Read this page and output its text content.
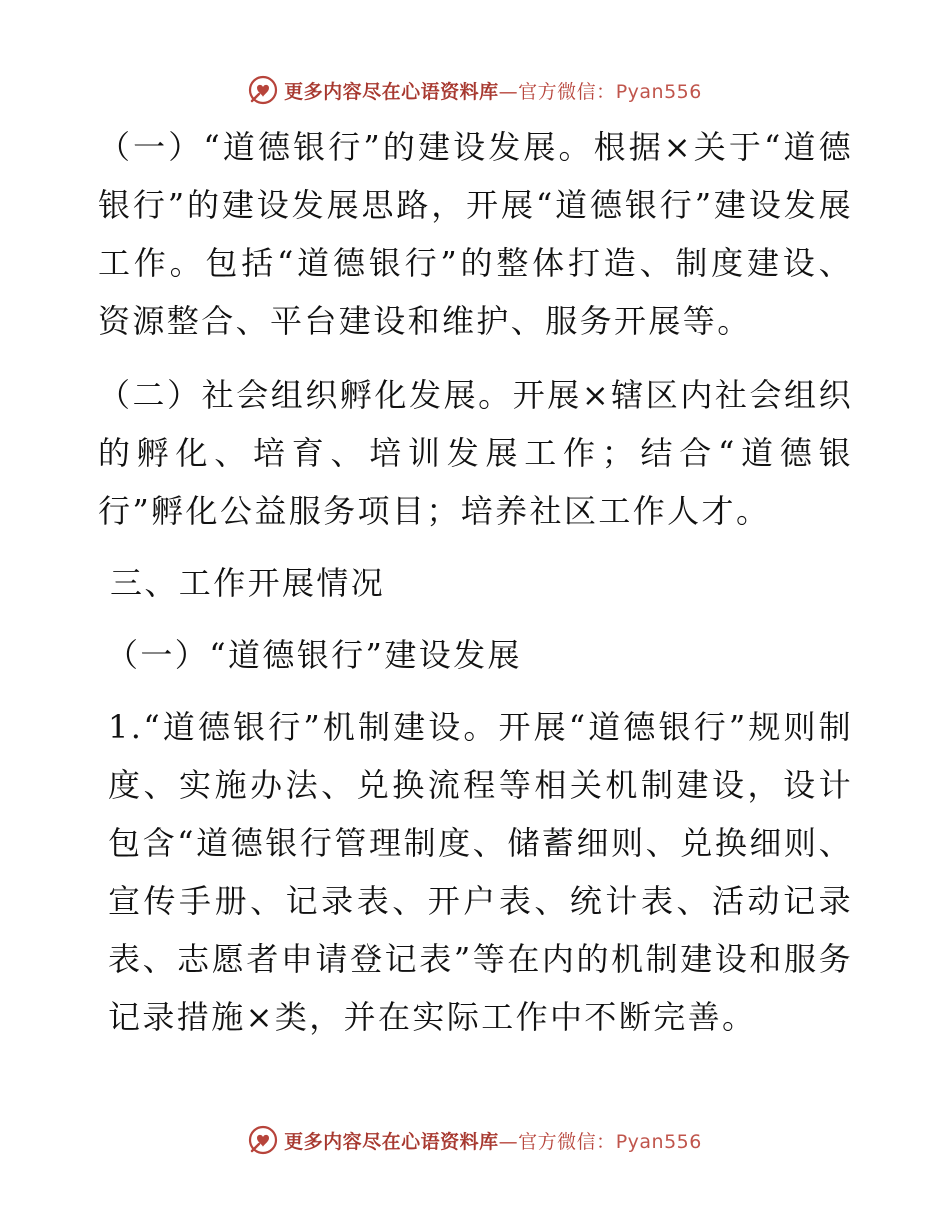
更多内容尽在心语资料库—官方微信：Pyan556

（一）“道德银行”的建设发展。根据×关于“道德银行”的建设发展思路，开展“道德银行”建设发展工作。包括“道德银行”的整体打造、制度建设、资源整合、平台建设和维护、服务开展等。

（二）社会组织孵化发展。开展×辖区内社会组织的孵化、培育、培训发展工作；结合“道德银行”孵化公益服务项目；培养社区工作人才。

三、工作开展情况

（一）“道德银行”建设发展

1.“道德银行”机制建设。开展“道德银行”规则制度、实施办法、兑换流程等相关机制建设，设计包含“道德银行管理制度、储蓄细则、兑换细则、宣传手册、记录表、开户表、统计表、活动记录表、志愿者申请登记表”等在内的机制建设和服务记录措施×类，并在实际工作中不断完善。

更多内容尽在心语资料库—官方微信：Pyan556
